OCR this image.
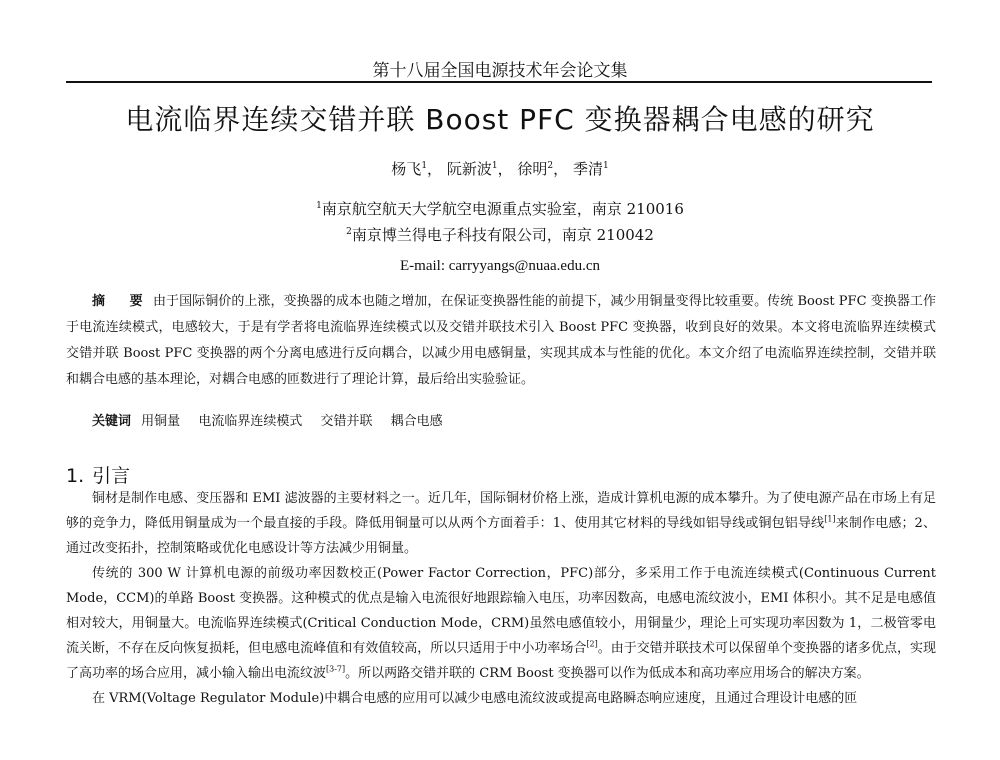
第十八届全国电源技术年会论文集
电流临界连续交错并联 Boost PFC 变换器耦合电感的研究
杨飞$^1$， 阮新波$^1$， 徐明$^2$， 季清$^1$
$^1$南京航空航天大学航空电源重点实验室，南京 210016
$^2$南京博兰得电子科技有限公司，南京 210042
E-mail: carryyangs@nuaa.edu.cn
摘 要 由于国际铜价的上涨，变换器的成本也随之增加，在保证变换器性能的前提下，减少用铜量变得比较重要。传统 Boost PFC 变换器工作于电流连续模式，电感较大，于是有学者将电流临界连续模式以及交错并联技术引入 Boost PFC 变换器，收到良好的效果。本文将电流临界连续模式交错并联 Boost PFC 变换器的两个分离电感进行反向耦合，以减少用电感铜量，实现其成本与性能的优化。本文介绍了电流临界连续控制，交错并联和耦合电感的基本理论，对耦合电感的匝数进行了理论计算，最后给出实验验证。
关键词 用铜量 电流临界连续模式 交错并联 耦合电感
1. 引言

铜材是制作电感、变压器和 EMI 滤波器的主要材料之一。近几年，国际铜材价格上涨，造成计算机电源的成本攀升。为了使电源产品在市场上有足够的竞争力，降低用铜量成为一个最直接的手段。降低用铜量可以从两个方面着手：1、使用其它材料的导线如铝导线或铜包铝导线[1]来制作电感；2、通过改变拓扑，控制策略或优化电感设计等方法减少用铜量。

传统的 300 W 计算机电源的前级功率因数校正(Power Factor Correction，PFC)部分，多采用工作于电流连续模式(Continuous Current Mode，CCM)的单路 Boost 变换器。这种模式的优点是输入电流很好地跟踪输入电压，功率因数高，电感电流纹波小，EMI 体积小。其不足是电感值相对较大，用铜量大。电流临界连续模式(Critical Conduction Mode，CRM)虽然电感值较小，用铜量少，理论上可实现功率因数为 1，二极管零电流关断，不存在反向恢复损耗，但电感电流峰值和有效值较高，所以只适用于中小功率场合[2]。由于交错并联技术可以保留单个变换器的诸多优点，实现了高功率的场合应用，减小输入输出电流纹波[3-7]。所以两路交错并联的 CRM Boost 变换器可以作为低成本和高功率应用场合的解决方案。

在 VRM(Voltage Regulator Module)中耦合电感的应用可以减少电感电流纹波或提高电路瞬态响应速度，且通过合理设计电感的匝
